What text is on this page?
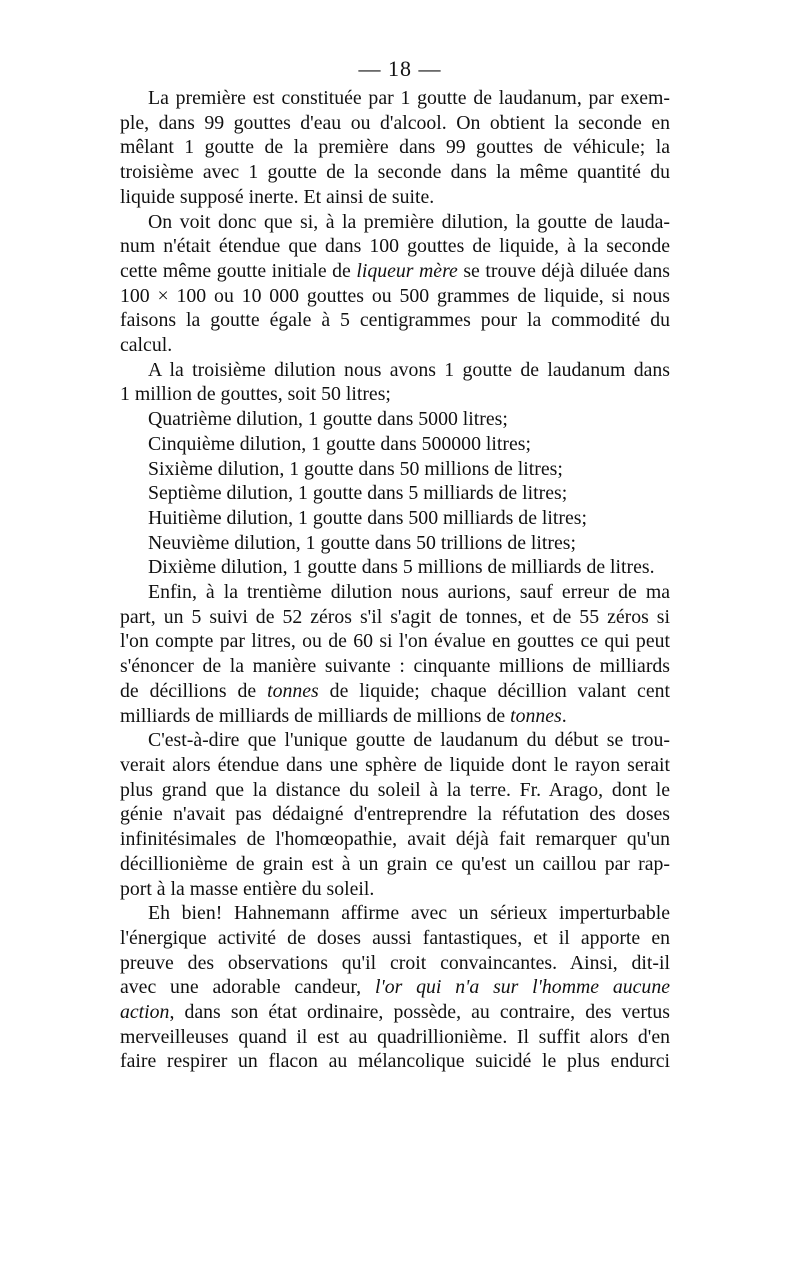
— 18 —
La première est constituée par 1 goutte de laudanum, par exem-
ple, dans 99 gouttes d'eau ou d'alcool. On obtient la seconde en
mêlant 1 goutte de la première dans 99 gouttes de véhicule; la
troisième avec 1 goutte de la seconde dans la même quantité du
liquide supposé inerte. Et ainsi de suite.
On voit donc que si, à la première dilution, la goutte de lauda-
num n'était étendue que dans 100 gouttes de liquide, à la seconde
cette même goutte initiale de liqueur mère se trouve déjà diluée dans
100 × 100 ou 10 000 gouttes ou 500 grammes de liquide, si nous
faisons la goutte égale à 5 centigrammes pour la commodité du
calcul.
A la troisième dilution nous avons 1 goutte de laudanum dans
1 million de gouttes, soit 50 litres;
Quatrième dilution, 1 goutte dans 5000 litres;
Cinquième dilution, 1 goutte dans 500000 litres;
Sixième dilution, 1 goutte dans 50 millions de litres;
Septième dilution, 1 goutte dans 5 milliards de litres;
Huitième dilution, 1 goutte dans 500 milliards de litres;
Neuvième dilution, 1 goutte dans 50 trillions de litres;
Dixième dilution, 1 goutte dans 5 millions de milliards de litres.
Enfin, à la trentième dilution nous aurions, sauf erreur de ma
part, un 5 suivi de 52 zéros s'il s'agit de tonnes, et de 55 zéros si
l'on compte par litres, ou de 60 si l'on évalue en gouttes ce qui peut
s'énoncer de la manière suivante : cinquante millions de milliards
de décillions de tonnes de liquide; chaque décillion valant cent
milliards de milliards de milliards de millions de tonnes.
C'est-à-dire que l'unique goutte de laudanum du début se trou-
verait alors étendue dans une sphère de liquide dont le rayon serait
plus grand que la distance du soleil à la terre. Fr. Arago, dont le
génie n'avait pas dédaigné d'entreprendre la réfutation des doses
infinitésimales de l'homœopathie, avait déjà fait remarquer qu'un
décillionième de grain est à un grain ce qu'est un caillou par rap-
port à la masse entière du soleil.
Eh bien! Hahnemann affirme avec un sérieux imperturbable
l'énergique activité de doses aussi fantastiques, et il apporte en
preuve des observations qu'il croit convaincantes. Ainsi, dit-il
avec une adorable candeur, l'or qui n'a sur l'homme aucune
action, dans son état ordinaire, possède, au contraire, des vertus
merveilleuses quand il est au quadrillionième. Il suffit alors d'en
faire respirer un flacon au mélancolique suicidé le plus endurci
